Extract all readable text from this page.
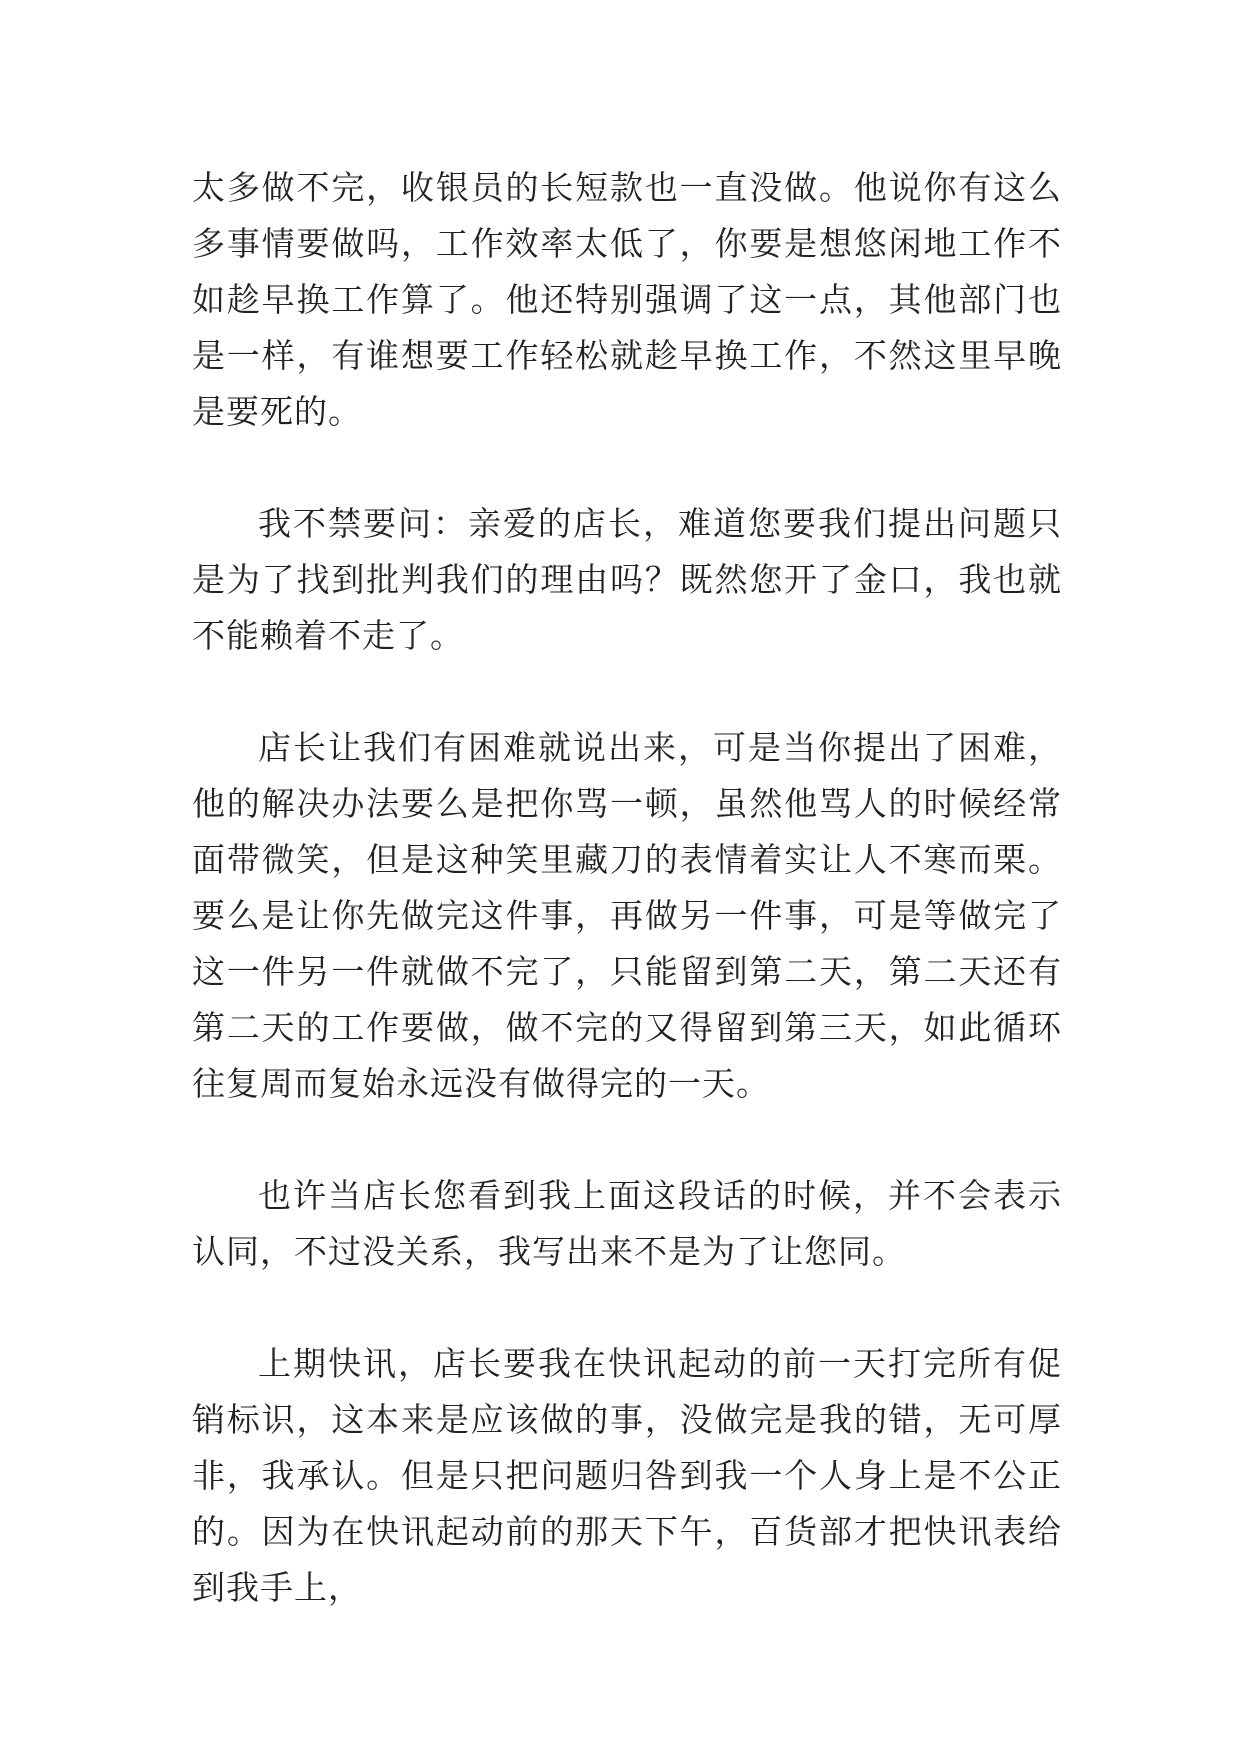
太多做不完，收银员的长短款也一直没做。他说你有这么多事情要做吗，工作效率太低了，你要是想悠闲地工作不如趁早换工作算了。他还特别强调了这一点，其他部门也是一样，有谁想要工作轻松就趁早换工作，不然这里早晚是要死的。

我不禁要问：亲爱的店长，难道您要我们提出问题只是为了找到批判我们的理由吗？既然您开了金口，我也就不能赖着不走了。

店长让我们有困难就说出来，可是当你提出了困难，他的解决办法要么是把你骂一顿，虽然他骂人的时候经常面带微笑，但是这种笑里藏刀的表情着实让人不寒而栗。要么是让你先做完这件事，再做另一件事，可是等做完了这一件另一件就做不完了，只能留到第二天，第二天还有第二天的工作要做，做不完的又得留到第三天，如此循环往复周而复始永远没有做得完的一天。

也许当店长您看到我上面这段话的时候，并不会表示认同，不过没关系，我写出来不是为了让您同。

上期快讯，店长要我在快讯起动的前一天打完所有促销标识，这本来是应该做的事，没做完是我的错，无可厚非，我承认。但是只把问题归咎到我一个人身上是不公正的。因为在快讯起动前的那天下午，百货部才把快讯表给到我手上，
